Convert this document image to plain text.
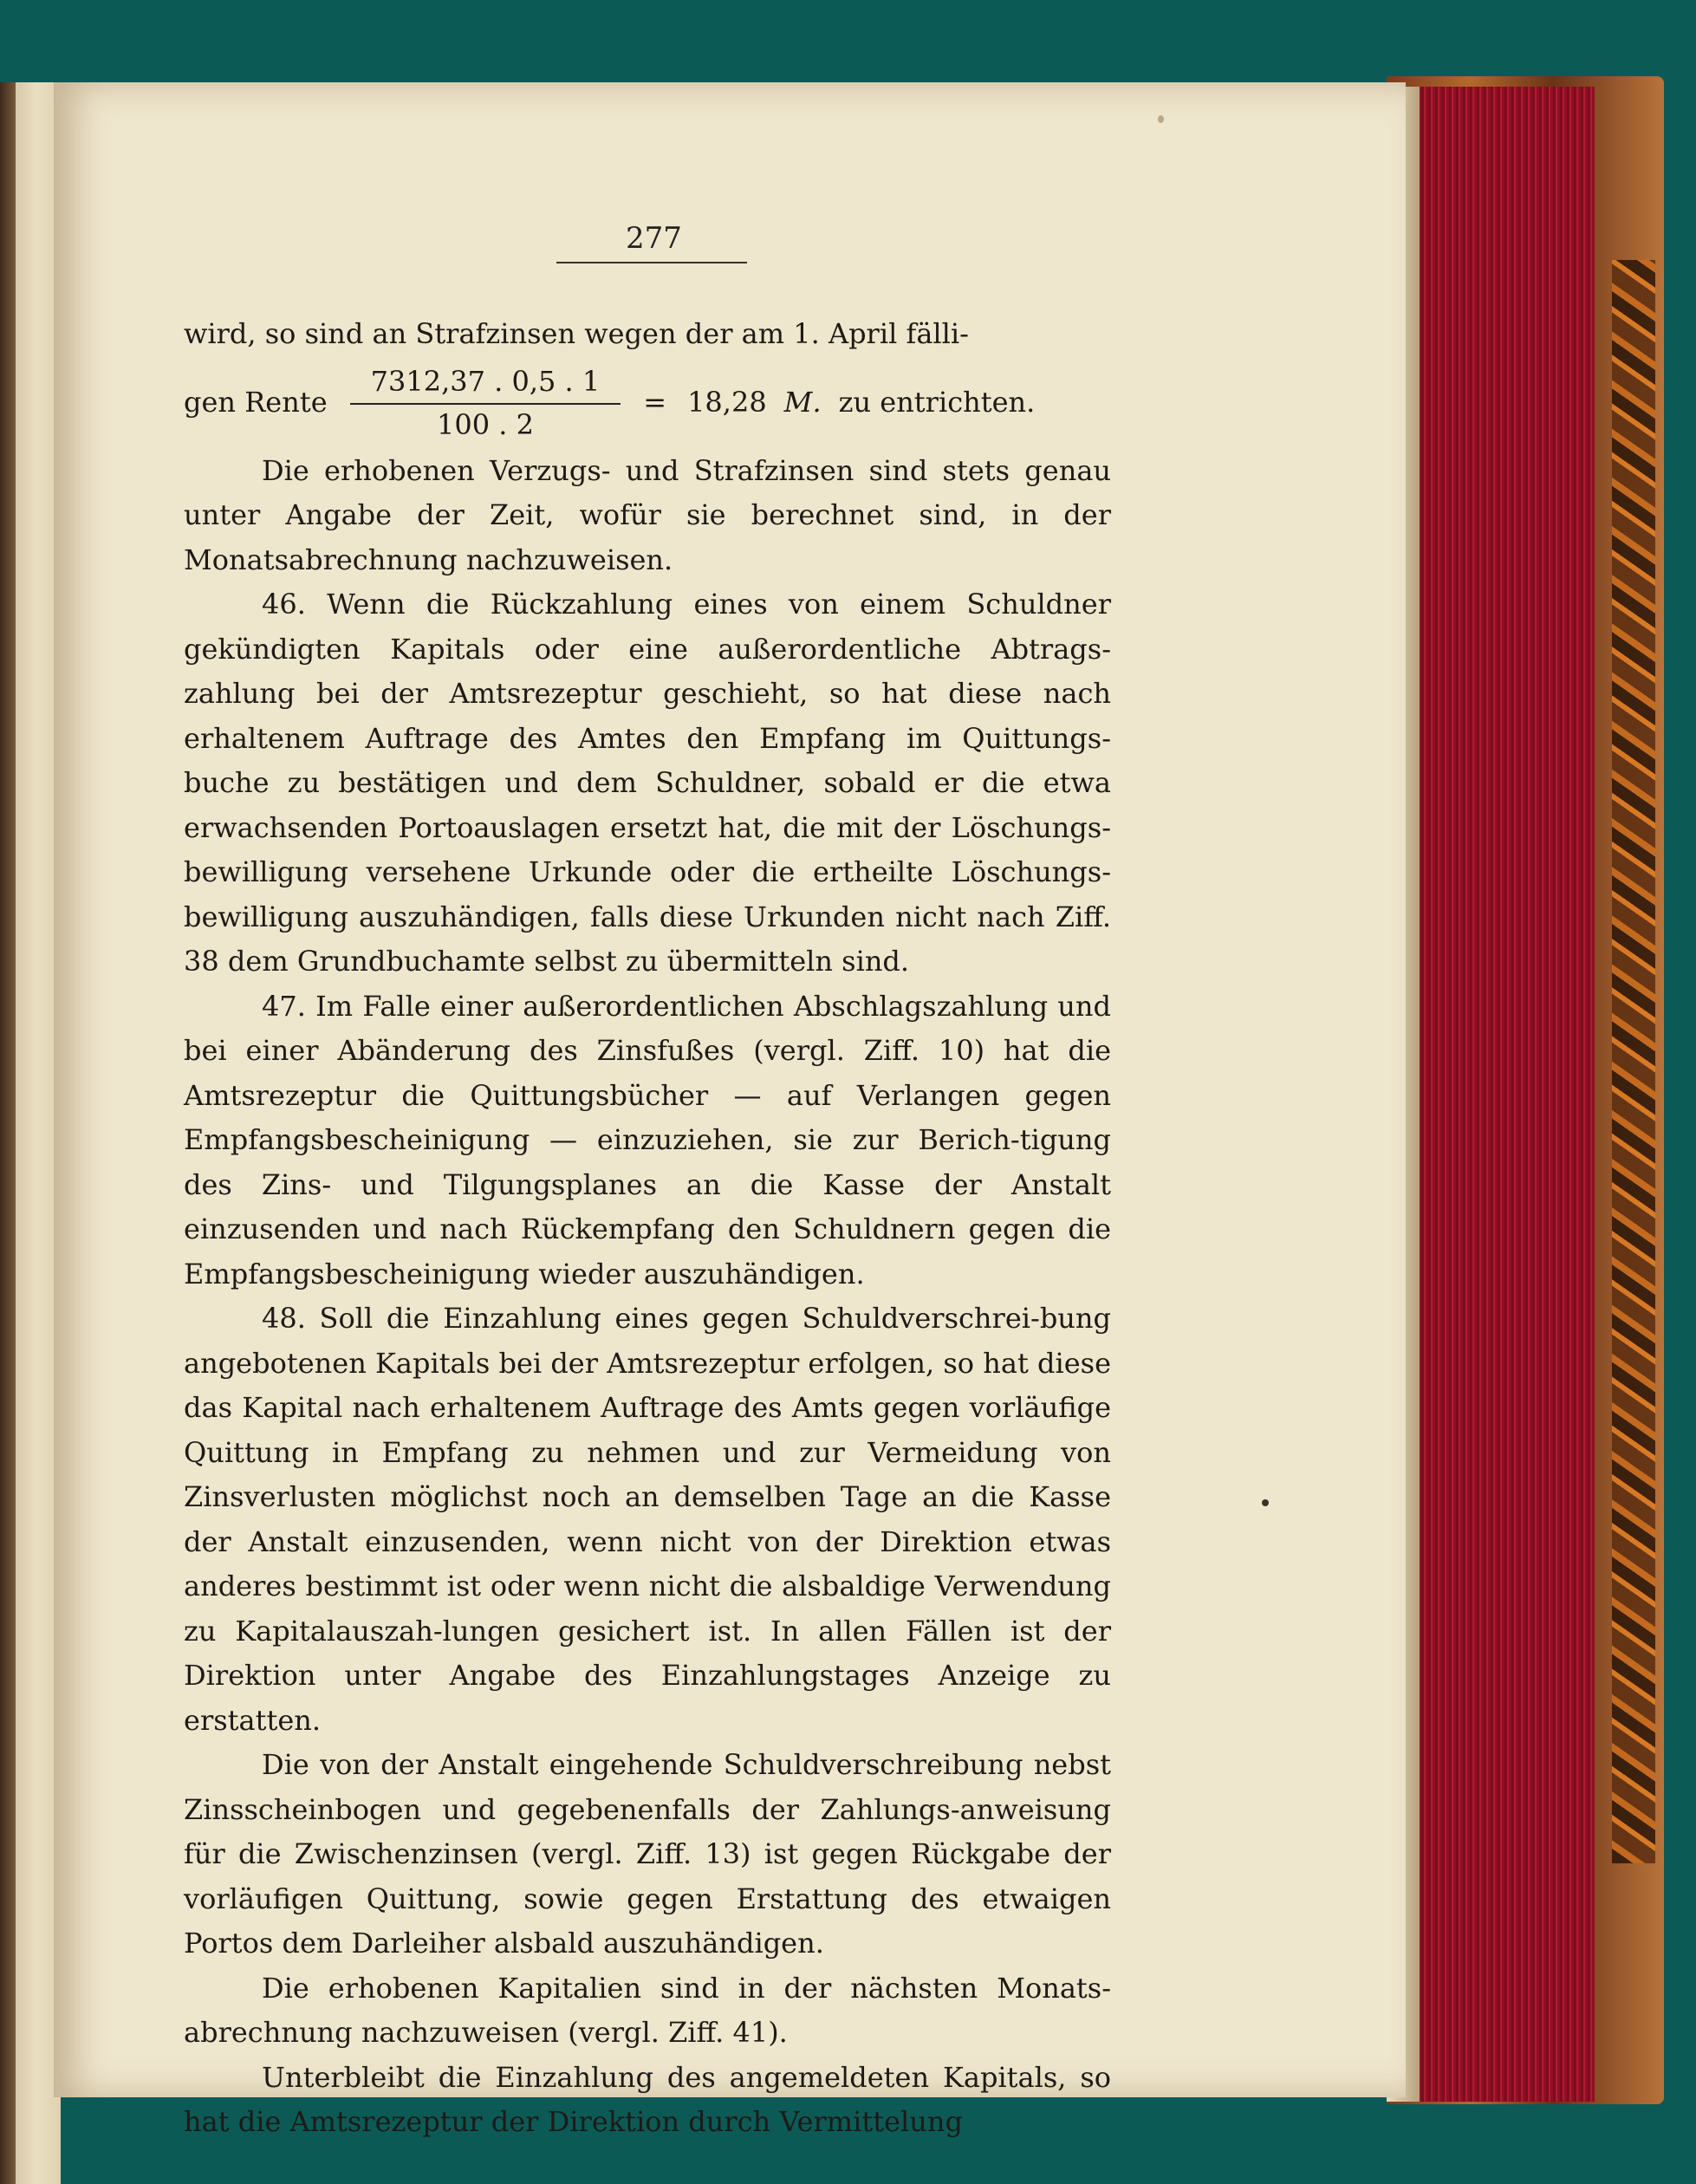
277

wird, so sind an Strafzinsen wegen der am 1. April fälli-

gen Rente $\frac{7312,37 . 0,5 . 1}{100 . 2} = 18,28$ M. zu entrichten.

Die erhobenen Verzugs- und Strafzinsen sind stets genau unter Angabe der Zeit, wofür sie berechnet sind, in der Monatsabrechnung nachzuweisen.

46. Wenn die Rückzahlung eines von einem Schuldner gekündigten Kapitals oder eine außerordentliche Abtrags-zahlung bei der Amtsrezeptur geschieht, so hat diese nach erhaltenem Auftrage des Amtes den Empfang im Quittungs-buche zu bestätigen und dem Schuldner, sobald er die etwa erwachsenden Portoauslagen ersetzt hat, die mit der Löschungs-bewilligung versehene Urkunde oder die ertheilte Löschungs-bewilligung auszuhändigen, falls diese Urkunden nicht nach Ziff. 38 dem Grundbuchamte selbst zu übermitteln sind.

47. Im Falle einer außerordentlichen Abschlagszahlung und bei einer Abänderung des Zinsfußes (vergl. Ziff. 10) hat die Amtsrezeptur die Quittungsbücher — auf Verlangen gegen Empfangsbescheinigung — einzuziehen, sie zur Berich-tigung des Zins- und Tilgungsplanes an die Kasse der Anstalt einzusenden und nach Rückempfang den Schuldnern gegen die Empfangsbescheinigung wieder auszuhändigen.

48. Soll die Einzahlung eines gegen Schuldverschrei-bung angebotenen Kapitals bei der Amtsrezeptur erfolgen, so hat diese das Kapital nach erhaltenem Auftrage des Amts gegen vorläufige Quittung in Empfang zu nehmen und zur Vermeidung von Zinsverlusten möglichst noch an demselben Tage an die Kasse der Anstalt einzusenden, wenn nicht von der Direktion etwas anderes bestimmt ist oder wenn nicht die alsbaldige Verwendung zu Kapitalauszah-lungen gesichert ist. In allen Fällen ist der Direktion unter Angabe des Einzahlungstages Anzeige zu erstatten.

Die von der Anstalt eingehende Schuldverschreibung nebst Zinsscheinbogen und gegebenenfalls der Zahlungs-anweisung für die Zwischenzinsen (vergl. Ziff. 13) ist gegen Rückgabe der vorläufigen Quittung, sowie gegen Erstattung des etwaigen Portos dem Darleiher alsbald auszuhändigen.

Die erhobenen Kapitalien sind in der nächsten Monats-abrechnung nachzuweisen (vergl. Ziff. 41).

Unterbleibt die Einzahlung des angemeldeten Kapitals, so hat die Amtsrezeptur der Direktion durch Vermittelung
